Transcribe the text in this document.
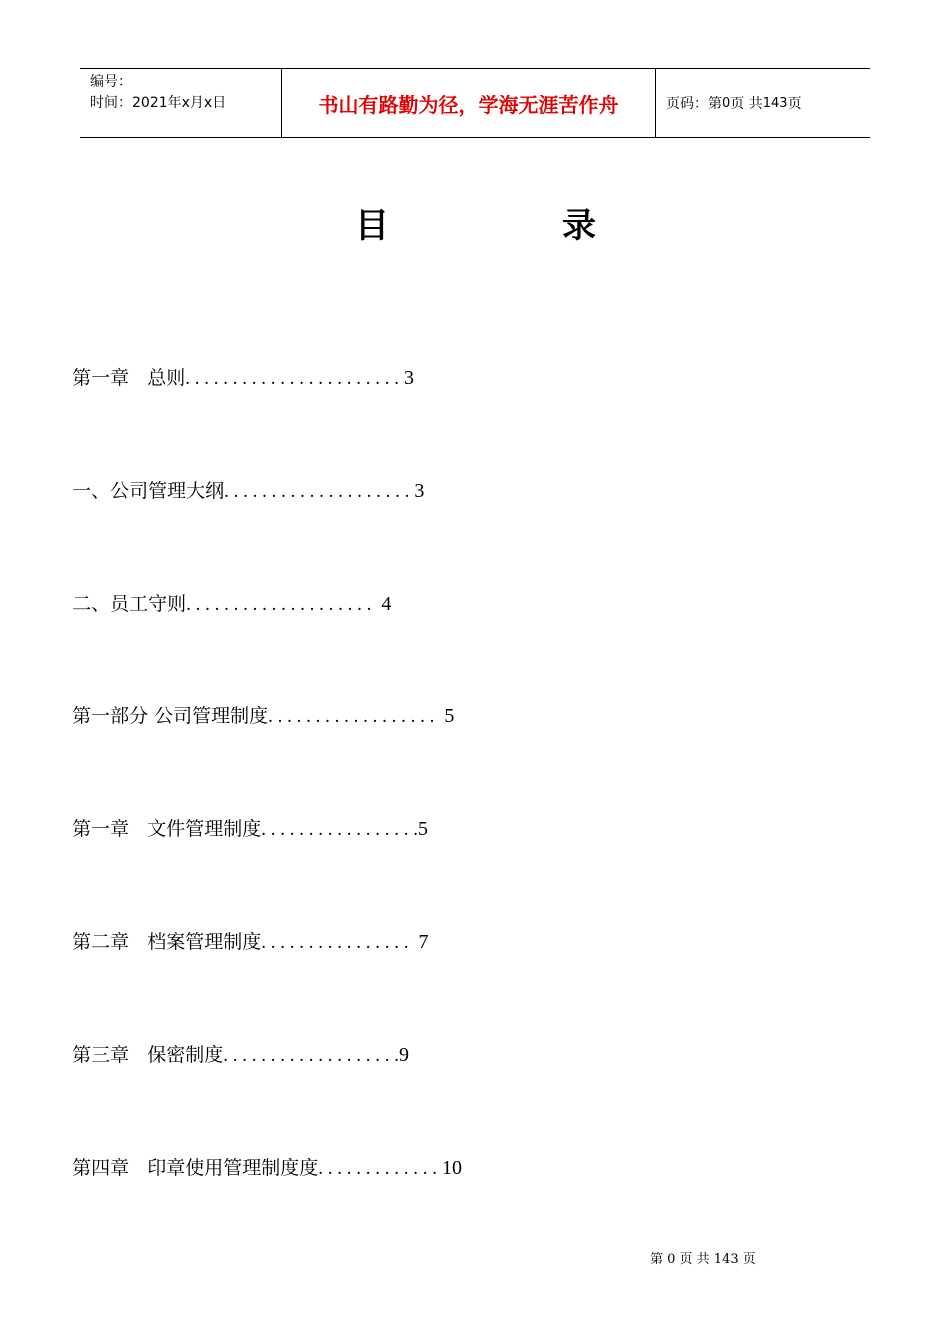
编号：
时间：2021年x月x日	书山有路勤为径，学海无涯苦作舟	页码：第 0 页 共 143 页
目	录

第一章   总则. . . . . . . . . . . . . . . . . . . . . . . 3

一、公司管理大纲. . . . . . . . . . . . . . . . . . . . 3

二、员工守则. . . . . . . . . . . . . . . . . . . .  4

第一部分 公司管理制度. . . . . . . . . . . . . . . . . .  5

第一章   文件管理制度. . . . . . . . . . . . . . . . .5

第二章   档案管理制度. . . . . . . . . . . . . . . .  7

第三章   保密制度. . . . . . . . . . . . . . . . . . .9

第四章   印章使用管理制度度. . . . . . . . . . . . . 10

第 0 页 共 143 页
